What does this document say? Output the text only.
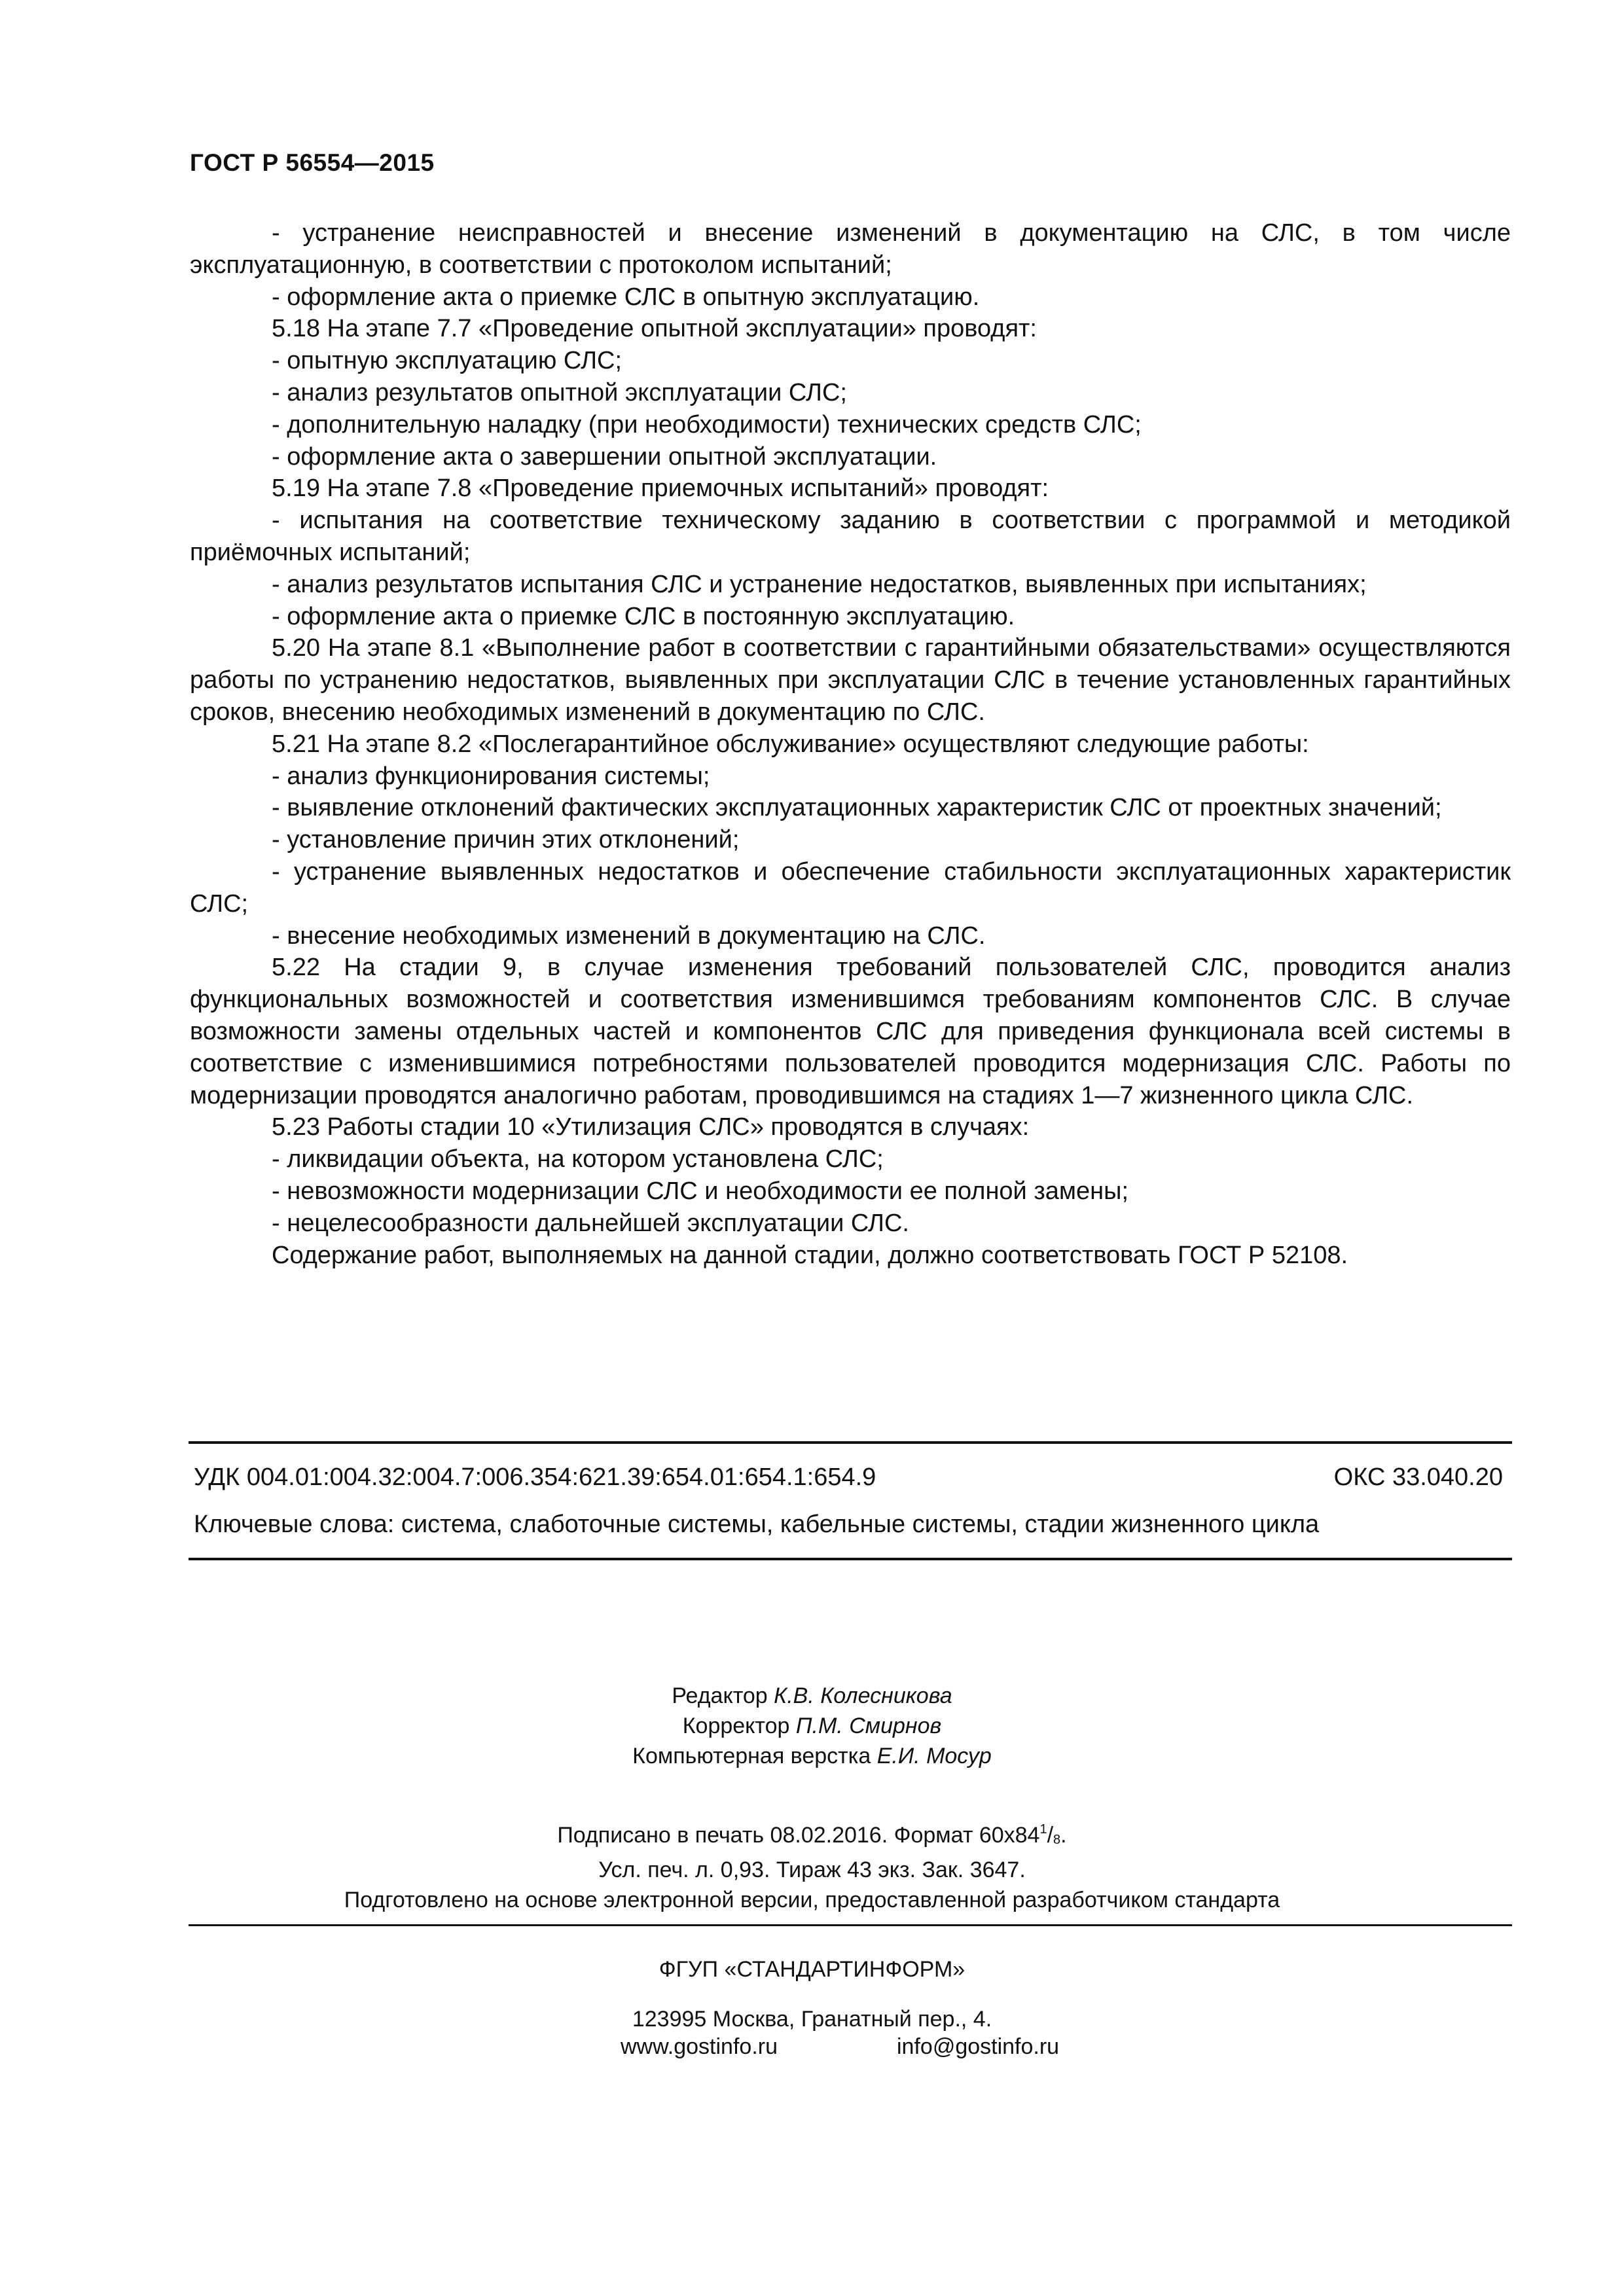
ГОСТ Р 56554—2015

- устранение неисправностей и внесение изменений в документацию на СЛС, в том числе эксплуатационную, в соответствии с протоколом испытаний;

- оформление акта о приемке СЛС в опытную эксплуатацию.

5.18 На этапе 7.7 «Проведение опытной эксплуатации» проводят:

- опытную эксплуатацию СЛС;

- анализ результатов опытной эксплуатации СЛС;

- дополнительную наладку (при необходимости) технических средств СЛС;

- оформление акта о завершении опытной эксплуатации.

5.19 На этапе 7.8 «Проведение приемочных испытаний» проводят:

- испытания на соответствие техническому заданию в соответствии с программой и методикой приёмочных испытаний;

- анализ результатов испытания СЛС и устранение недостатков, выявленных при испытаниях;

- оформление акта о приемке СЛС в постоянную эксплуатацию.

5.20 На этапе 8.1 «Выполнение работ в соответствии с гарантийными обязательствами» осуществляются работы по устранению недостатков, выявленных при эксплуатации СЛС в течение установленных гарантийных сроков, внесению необходимых изменений в документацию по СЛС.

5.21 На этапе 8.2 «Послегарантийное обслуживание» осуществляют следующие работы:

- анализ функционирования системы;

- выявление отклонений фактических эксплуатационных характеристик СЛС от проектных значений;

- установление причин этих отклонений;

- устранение выявленных недостатков и обеспечение стабильности эксплуатационных характеристик СЛС;

- внесение необходимых изменений в документацию на СЛС.

5.22 На стадии 9, в случае изменения требований пользователей СЛС, проводится анализ функциональных возможностей и соответствия изменившимся требованиям компонентов СЛС. В случае возможности замены отдельных частей и компонентов СЛС для приведения функционала всей системы в соответствие с изменившимися потребностями пользователей проводится модернизация СЛС. Работы по модернизации проводятся аналогично работам, проводившимся на стадиях 1—7 жизненного цикла СЛС.

5.23 Работы стадии 10 «Утилизация СЛС» проводятся в случаях:

- ликвидации объекта, на котором установлена СЛС;

- невозможности модернизации СЛС и необходимости ее полной замены;

- нецелесообразности дальнейшей эксплуатации СЛС.

Содержание работ, выполняемых на данной стадии, должно соответствовать ГОСТ Р 52108.

УДК 004.01:004.32:004.7:006.354:621.39:654.01:654.1:654.9	ОКС 33.040.20
Ключевые слова: система, слаботочные системы, кабельные системы, стадии жизненного цикла
Редактор К.В. Колесникова
Корректор П.М. Смирнов
Компьютерная верстка Е.И. Мосур
Подписано в печать 08.02.2016. Формат $60х84^1/8$.
Усл. печ. л. 0,93. Тираж 43 экз. Зак. 3647.
Подготовлено на основе электронной версии, предоставленной разработчиком стандарта
ФГУП «СТАНДАРТИНФОРМ»
123995 Москва, Гранатный пер., 4.
www.gostinfo.ru	info@gostinfo.ru
